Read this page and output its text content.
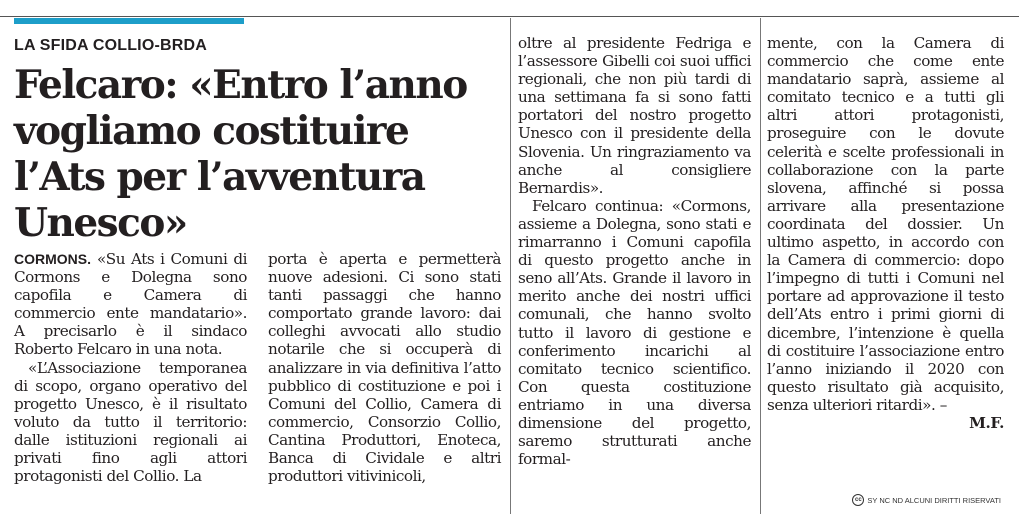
LA SFIDA COLLIO-BRDA
Felcaro: «Entro l’anno vogliamo costituire l’Ats per l’avventura Unesco»

CORMONS. «Su Ats i Comuni di Cormons e Dolegna sono capofila e Camera di commercio ente mandatario». A precisarlo è il sindaco Roberto Felcaro in una nota.

«L’Associazione temporanea di scopo, organo operativo del progetto Unesco, è il risultato voluto da tutto il territorio: dalle istituzioni regionali ai privati fino agli attori protagonisti del Collio. La

porta è aperta e permetterà nuove adesioni. Ci sono stati tanti passaggi che hanno comportato grande lavoro: dai colleghi avvocati allo studio notarile che si occuperà di analizzare in via definitiva l’atto pubblico di costituzione e poi i Comuni del Collio, Camera di commercio, Consorzio Collio, Cantina Produttori, Enoteca, Banca di Cividale e altri produttori vitivinicoli,

oltre al presidente Fedriga e l’assessore Gibelli coi suoi uffici regionali, che non più tardi di una settimana fa si sono fatti portatori del nostro progetto Unesco con il presidente della Slovenia. Un ringraziamento va anche al consigliere Bernardis».

Felcaro continua: «Cormons, assieme a Dolegna, sono stati e rimarranno i Comuni capofila di questo progetto anche in seno all’Ats. Grande il lavoro in merito anche dei nostri uffici comunali, che hanno svolto tutto il lavoro di gestione e conferimento incarichi al comitato tecnico scientifico. Con questa costituzione entriamo in una diversa dimensione del progetto, saremo strutturati anche formal-

mente, con la Camera di commercio che come ente mandatario saprà, assieme al comitato tecnico e a tutti gli altri attori protagonisti, proseguire con le dovute celerità e scelte professionali in collaborazione con la parte slovena, affinché si possa arrivare alla presentazione coordinata del dossier. Un ultimo aspetto, in accordo con la Camera di commercio: dopo l’impegno di tutti i Comuni nel portare ad approvazione il testo dell’Ats entro i primi giorni di dicembre, l’intenzione è quella di costituire l’associazione entro l’anno iniziando il 2020 con questo risultato già acquisito, senza ulteriori ritardi». –

M.F.

cc SY NC ND ALCUNI DIRITTI RISERVATI
